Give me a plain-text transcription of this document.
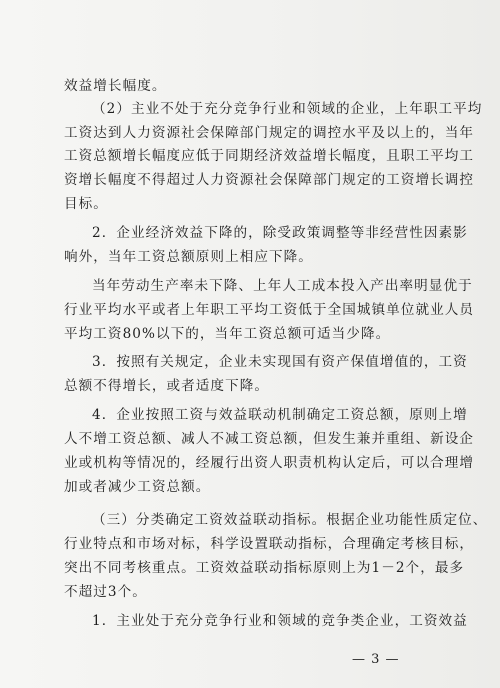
效益增长幅度。
（2）主业不处于充分竞争行业和领域的企业，上年职工平均
工资达到人力资源社会保障部门规定的调控水平及以上的，当年
工资总额增长幅度应低于同期经济效益增长幅度，且职工平均工
资增长幅度不得超过人力资源社会保障部门规定的工资增长调控
目标。
2．企业经济效益下降的，除受政策调整等非经营性因素影
响外，当年工资总额原则上相应下降。
当年劳动生产率未下降、上年人工成本投入产出率明显优于
行业平均水平或者上年职工平均工资低于全国城镇单位就业人员
平均工资80%以下的，当年工资总额可适当少降。
3．按照有关规定，企业未实现国有资产保值增值的，工资
总额不得增长，或者适度下降。
4．企业按照工资与效益联动机制确定工资总额，原则上增
人不增工资总额、减人不减工资总额，但发生兼并重组、新设企
业或机构等情况的，经履行出资人职责机构认定后，可以合理增
加或者减少工资总额。
（三）分类确定工资效益联动指标。根据企业功能性质定位、
行业特点和市场对标，科学设置联动指标，合理确定考核目标，
突出不同考核重点。工资效益联动指标原则上为1－2个，最多
不超过3个。
1．主业处于充分竞争行业和领域的竞争类企业，工资效益
— 3 —
